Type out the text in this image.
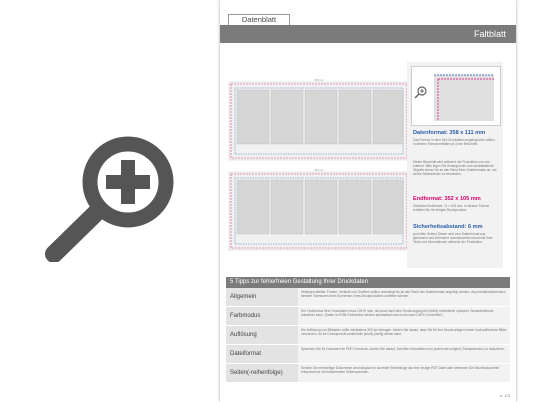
Datenblatt
Faltblatt
358 mm
352 mm
Datenformat: 358 x 111 mm

Das Format, in dem Ihre Druckdaten angelegt sein sollten. In diesem Format entfallen je 3 mm Beschnitt.

Dieser Beschnitt wird während der Produktion von uns entfernt. Bitte legen Sie Hintergründe und randabfallende Objekte immer bis an den Rand Ihres Datenformats an, um weiße Seitenränder zu vermeiden.

Endformat: 352 x 105 mm

Gefalztes Endformat: 74 x 105 mm. In diesem Format erhalten Sie Ihr fertiges Druckprodukt.

Sicherheitsabstand: 6 mm

(auf allen Seiten) Dieser wird vom Datenformat aus gemessen und verhindert unerwünschten Anschnitt Ihrer Texte und Informationen während der Produktion.

5 Tipps zur fehlerfreien Gestaltung Ihrer Druckdaten
Allgemein
Hintergrundbilder, Farben, Verläufe und Grafiken sollten unbedingt bis an den Rand des Datenformats angelegt werden, da produktionstechnisch kleinere Toleranzen beim Schneiden Ihres Druckproduktes auftreten können.
Farbmodus
Der Farbmodus Ihrer Druckdaten muss CMYK sein, da sonst nach dem Druckvorgang ein (leicht) veränderter optischer Gesamteindruck entstehen kann. (Daten im RGB-Farbmodus werden automatisch durch uns nach CMYK konvertiert.)
Auflösung
Die Auflösung von Bilddaten sollte mindestens 300 dpi betragen. Achten Sie darauf, dass Sie für Ihre Druckvorlagen immer hochauflösende Bilder verwenden, da Ihr Druckprodukt andernfalls (leicht) pixelig wirken kann.
Dateiformat
Speichern Sie Ihr Dokument im PDF-Format ab. Achten Sie darauf, Schriften einzubetten und (sofern als möglich) Transparenzen zu reduzieren.
Seiten(-reihenfolge)
Senden Sie mehrseitige Dokumente chronologisch in korrekter Reihenfolge als eine einzige PDF-Datei oder benennen Sie Einzeldokumente entsprechend mit fortlaufenden Seitennummern.
s. 1/3
